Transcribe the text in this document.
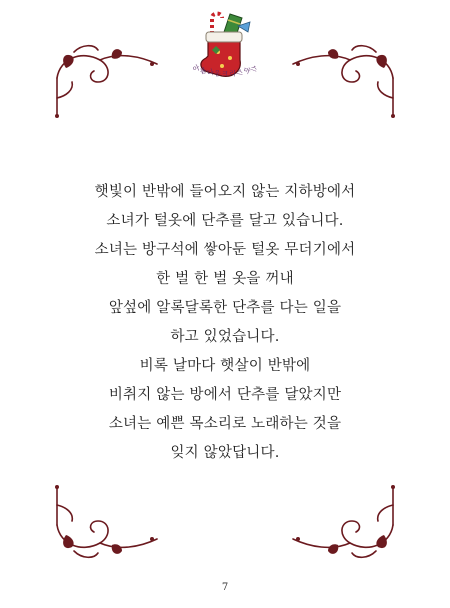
아
름
다 운 크 리 스
마
스
햇빛이 반밖에 들어오지 않는 지하방에서
소녀가 털옷에 단추를 달고 있습니다.
소녀는 방구석에 쌓아둔 털옷 무더기에서
한 벌 한 벌 옷을 꺼내
앞섶에 알록달록한 단추를 다는 일을
하고 있었습니다.
비록 날마다 햇살이 반밖에
비취지 않는 방에서 단추를 달았지만
소녀는 예쁜 목소리로 노래하는 것을
잊지 않았답니다.
7
